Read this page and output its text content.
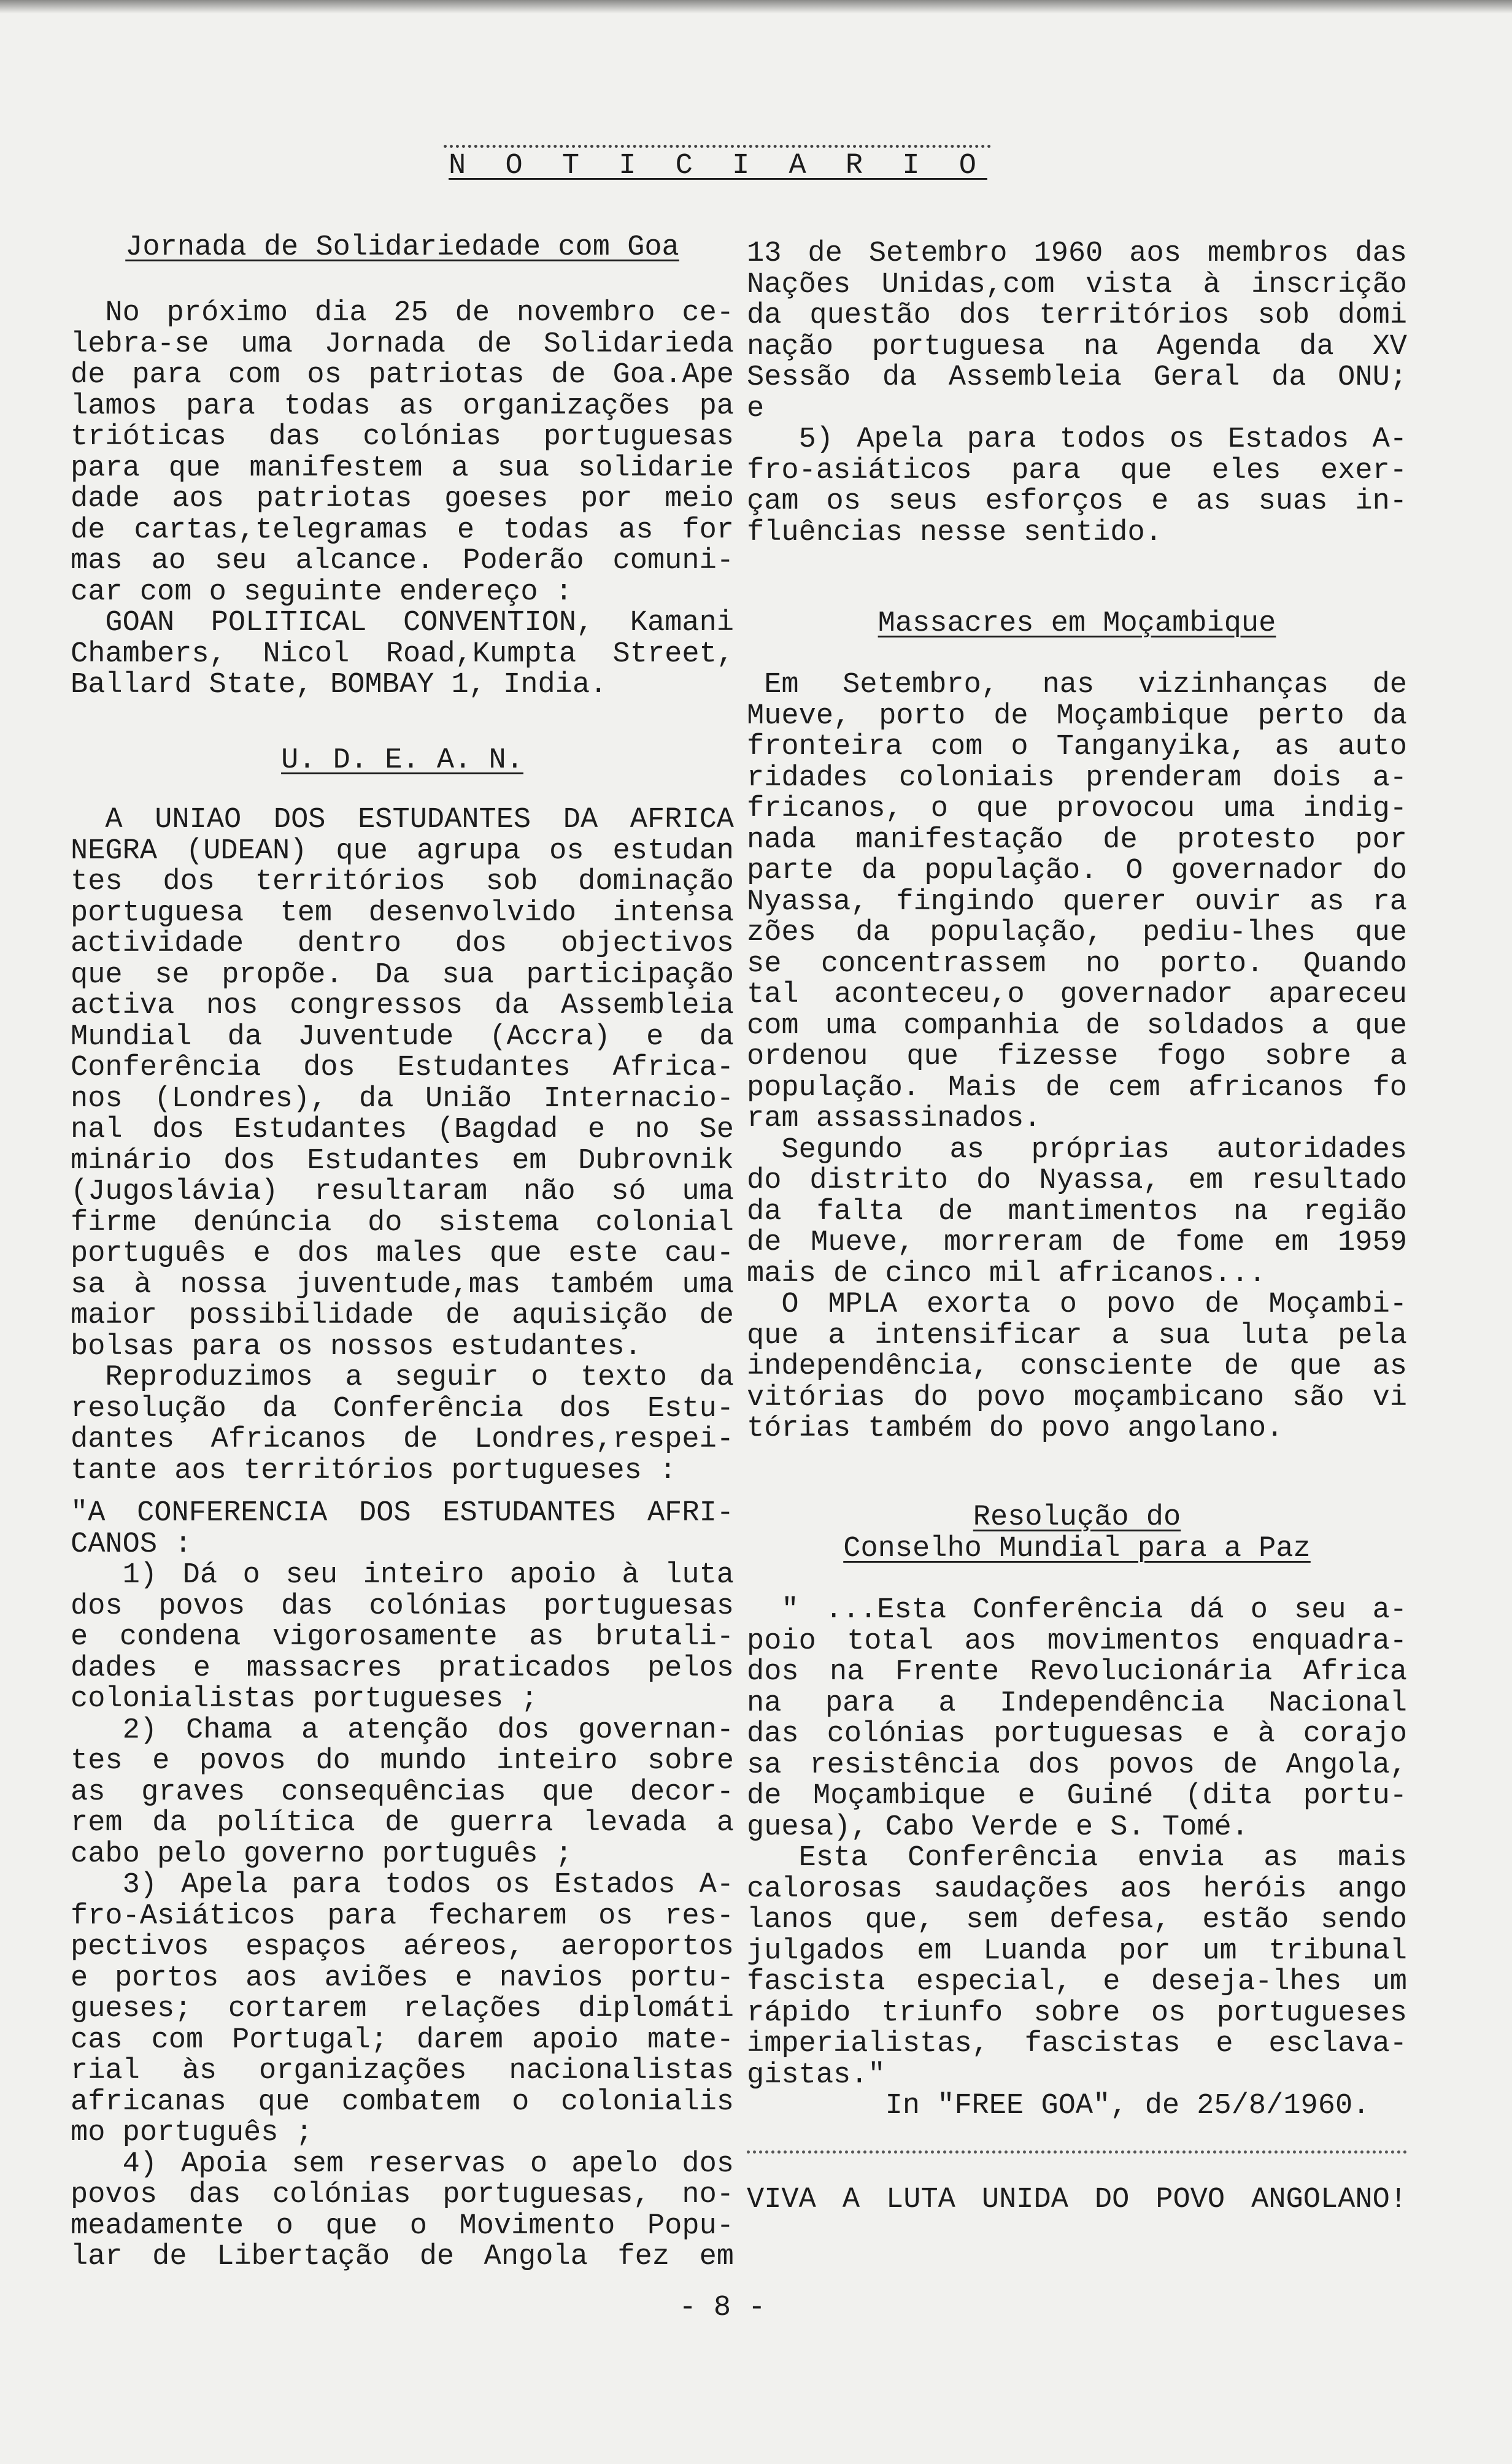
N O T I C I A R I O
Jornada de Solidariedade com Goa
No próximo dia 25 de novembro ce-
lebra-se uma Jornada de Solidarieda
de para com os patriotas de Goa.Ape
lamos para todas as organizações pa
trióticas das colónias portuguesas
para que manifestem a sua solidarie
dade aos patriotas goeses por meio
de cartas,telegramas e todas as for
mas ao seu alcance. Poderão comuni-
car com o seguinte endereço :
GOAN POLITICAL CONVENTION, Kamani
Chambers, Nicol Road,Kumpta Street,
Ballard State, BOMBAY 1, India.
U. D. E. A. N.
A UNIAO DOS ESTUDANTES DA AFRICA
NEGRA (UDEAN) que agrupa os estudan
tes dos territórios sob dominação
portuguesa tem desenvolvido intensa
actividade dentro dos objectivos
que se propõe. Da sua participação
activa nos congressos da Assembleia
Mundial da Juventude (Accra) e da
Conferência dos Estudantes Africa-
nos (Londres), da União Internacio-
nal dos Estudantes (Bagdad e no Se
minário dos Estudantes em Dubrovnik
(Jugoslávia) resultaram não só uma
firme denúncia do sistema colonial
português e dos males que este cau-
sa à nossa juventude,mas também uma
maior possibilidade de aquisição de
bolsas para os nossos estudantes.
Reproduzimos a seguir o texto da
resolução da Conferência dos Estu-
dantes Africanos de Londres,respei-
tante aos territórios portugueses :
"A CONFERENCIA DOS ESTUDANTES AFRI-
CANOS :
1) Dá o seu inteiro apoio à luta
dos povos das colónias portuguesas
e condena vigorosamente as brutali-
dades e massacres praticados pelos
colonialistas portugueses ;
2) Chama a atenção dos governan-
tes e povos do mundo inteiro sobre
as graves consequências que decor-
rem da política de guerra levada a
cabo pelo governo português ;
3) Apela para todos os Estados A-
fro-Asiáticos para fecharem os res-
pectivos espaços aéreos, aeroportos
e portos aos aviões e navios portu-
gueses; cortarem relações diplomáti
cas com Portugal; darem apoio mate-
rial às organizações nacionalistas
africanas que combatem o colonialis
mo português ;
4) Apoia sem reservas o apelo dos
povos das colónias portuguesas, no-
meadamente o que o Movimento Popu-
lar de Libertação de Angola fez em
13 de Setembro 1960 aos membros das
Nações Unidas,com vista à inscrição
da questão dos territórios sob domi
nação portuguesa na Agenda da XV
Sessão da Assembleia Geral da ONU;
e
5) Apela para todos os Estados A-
fro-asiáticos para que eles exer-
çam os seus esforços e as suas in-
fluências nesse sentido.
Massacres em Moçambique
Em Setembro, nas vizinhanças de
Mueve, porto de Moçambique perto da
fronteira com o Tanganyika, as auto
ridades coloniais prenderam dois a-
fricanos, o que provocou uma indig-
nada manifestação de protesto por
parte da população. O governador do
Nyassa, fingindo querer ouvir as ra
zões da população, pediu-lhes que
se concentrassem no porto. Quando
tal aconteceu,o governador apareceu
com uma companhia de soldados a que
ordenou que fizesse fogo sobre a
população. Mais de cem africanos fo
ram assassinados.
Segundo as próprias autoridades
do distrito do Nyassa, em resultado
da falta de mantimentos na região
de Mueve, morreram de fome em 1959
mais de cinco mil africanos...
O MPLA exorta o povo de Moçambi-
que a intensificar a sua luta pela
independência, consciente de que as
vitórias do povo moçambicano são vi
tórias também do povo angolano.
Resolução do
Conselho Mundial para a Paz
" ...Esta Conferência dá o seu a-
poio total aos movimentos enquadra-
dos na Frente Revolucionária Africa
na para a Independência Nacional
das colónias portuguesas e à corajo
sa resistência dos povos de Angola,
de Moçambique e Guiné (dita portu-
guesa), Cabo Verde e S. Tomé.
Esta Conferência envia as mais
calorosas saudações aos heróis ango
lanos que, sem defesa, estão sendo
julgados em Luanda por um tribunal
fascista especial, e deseja-lhes um
rápido triunfo sobre os portugueses
imperialistas, fascistas e esclava-
gistas."
In "FREE GOA", de 25/8/1960.
VIVA A LUTA UNIDA DO POVO ANGOLANO!
- 8 -
